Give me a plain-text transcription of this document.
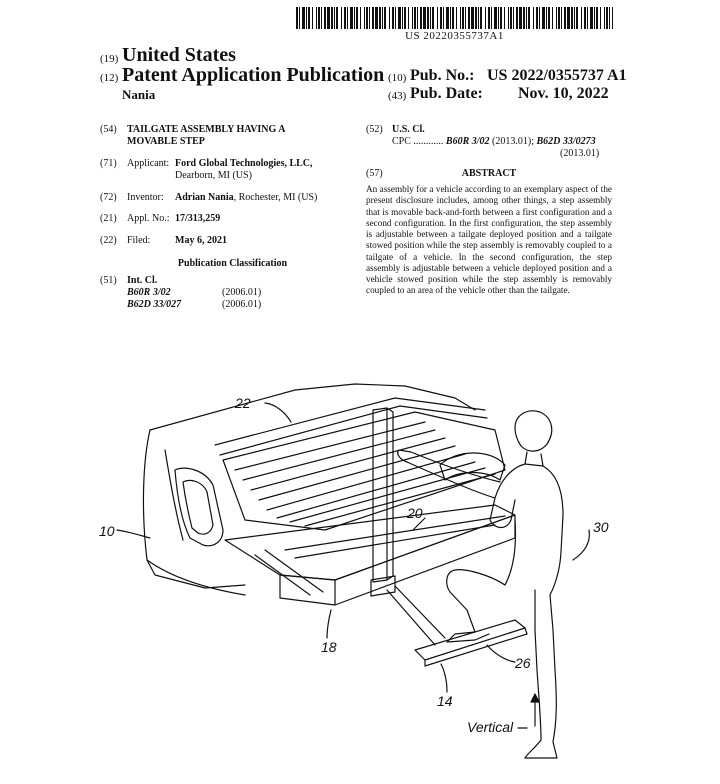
US 20220355737A1
(19) United States
(12) Patent Application Publication
Nania
(10) Pub. No.: US 2022/0355737 A1
(43) Pub. Date: Nov. 10, 2022
(54) TAILGATE ASSEMBLY HAVING A
MOVABLE STEP
(71) Applicant: Ford Global Technologies, LLC,
Dearborn, MI (US)
(72) Inventor: Adrian Nania, Rochester, MI (US)
(21) Appl. No.: 17/313,259
(22) Filed: May 6, 2021
Publication Classification
(51) Int. Cl.
B60R 3/02	(2006.01)
B62D 33/027	(2006.01)
(52) U.S. Cl.
CPC ............ B60R 3/02 (2013.01); B62D 33/0273
(2013.01)
(57)	ABSTRACT
An assembly for a vehicle according to an exemplary aspect of the present disclosure includes, among other things, a step assembly that is movable back-and-forth between a first configuration and a second configuration. In the first configuration, the step assembly is adjustable between a tailgate deployed position and a tailgate stowed position while the step assembly is removably coupled to a tailgate of a vehicle. In the second configuration, the step assembly is adjustable between a vehicle deployed position and a vehicle stowed position while the step assembly is removably coupled to an area of the vehicle other than the tailgate.
22
10
20
30
18
26
14
Vertical
